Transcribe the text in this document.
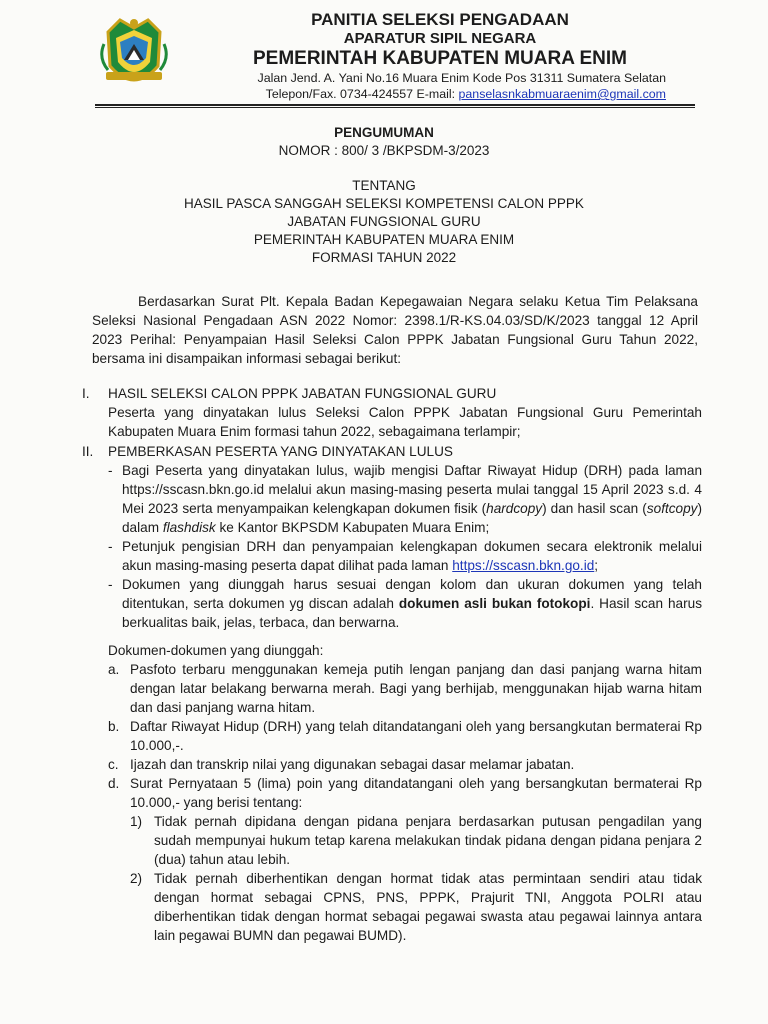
PANITIA SELEKSI PENGADAAN
APARATUR SIPIL NEGARA
PEMERINTAH KABUPATEN MUARA ENIM
Jalan Jend. A. Yani No.16 Muara Enim Kode Pos 31311 Sumatera Selatan
Telepon/Fax. 0734-424557 E-mail: panselasnkabmuaraenim@gmail.com
PENGUMUMAN
NOMOR : 800/ 3 /BKPSDM-3/2023
TENTANG
HASIL PASCA SANGGAH SELEKSI KOMPETENSI CALON PPPK
JABATAN FUNGSIONAL GURU
PEMERINTAH KABUPATEN MUARA ENIM
FORMASI TAHUN 2022
Berdasarkan Surat Plt. Kepala Badan Kepegawaian Negara selaku Ketua Tim Pelaksana Seleksi Nasional Pengadaan ASN 2022 Nomor: 2398.1/R-KS.04.03/SD/K/2023 tanggal 12 April 2023 Perihal: Penyampaian Hasil Seleksi Calon PPPK Jabatan Fungsional Guru Tahun 2022, bersama ini disampaikan informasi sebagai berikut:
I.	HASIL SELEKSI CALON PPPK JABATAN FUNGSIONAL GURU
Peserta yang dinyatakan lulus Seleksi Calon PPPK Jabatan Fungsional Guru Pemerintah Kabupaten Muara Enim formasi tahun 2022, sebagaimana terlampir;
II.	PEMBERKASAN PESERTA YANG DINYATAKAN LULUS
- Bagi Peserta yang dinyatakan lulus, wajib mengisi Daftar Riwayat Hidup (DRH) pada laman https://sscasn.bkn.go.id melalui akun masing-masing peserta mulai tanggal 15 April 2023 s.d. 4 Mei 2023 serta menyampaikan kelengkapan dokumen fisik (hardcopy) dan hasil scan (softcopy) dalam flashdisk ke Kantor BKPSDM Kabupaten Muara Enim;
- Petunjuk pengisian DRH dan penyampaian kelengkapan dokumen secara elektronik melalui akun masing-masing peserta dapat dilihat pada laman https://sscasn.bkn.go.id;
- Dokumen yang diunggah harus sesuai dengan kolom dan ukuran dokumen yang telah ditentukan, serta dokumen yg discan adalah dokumen asli bukan fotokopi. Hasil scan harus berkualitas baik, jelas, terbaca, dan berwarna.
Dokumen-dokumen yang diunggah:
a. Pasfoto terbaru menggunakan kemeja putih lengan panjang dan dasi panjang warna hitam dengan latar belakang berwarna merah. Bagi yang berhijab, menggunakan hijab warna hitam dan dasi panjang warna hitam.
b. Daftar Riwayat Hidup (DRH) yang telah ditandatangani oleh yang bersangkutan bermaterai Rp 10.000,-.
c. Ijazah dan transkrip nilai yang digunakan sebagai dasar melamar jabatan.
d. Surat Pernyataan 5 (lima) poin yang ditandatangani oleh yang bersangkutan bermaterai Rp 10.000,- yang berisi tentang:
1) Tidak pernah dipidana dengan pidana penjara berdasarkan putusan pengadilan yang sudah mempunyai hukum tetap karena melakukan tindak pidana dengan pidana penjara 2 (dua) tahun atau lebih.
2) Tidak pernah diberhentikan dengan hormat tidak atas permintaan sendiri atau tidak dengan hormat sebagai CPNS, PNS, PPPK, Prajurit TNI, Anggota POLRI atau diberhentikan tidak dengan hormat sebagai pegawai swasta atau pegawai lainnya antara lain pegawai BUMN dan pegawai BUMD).
